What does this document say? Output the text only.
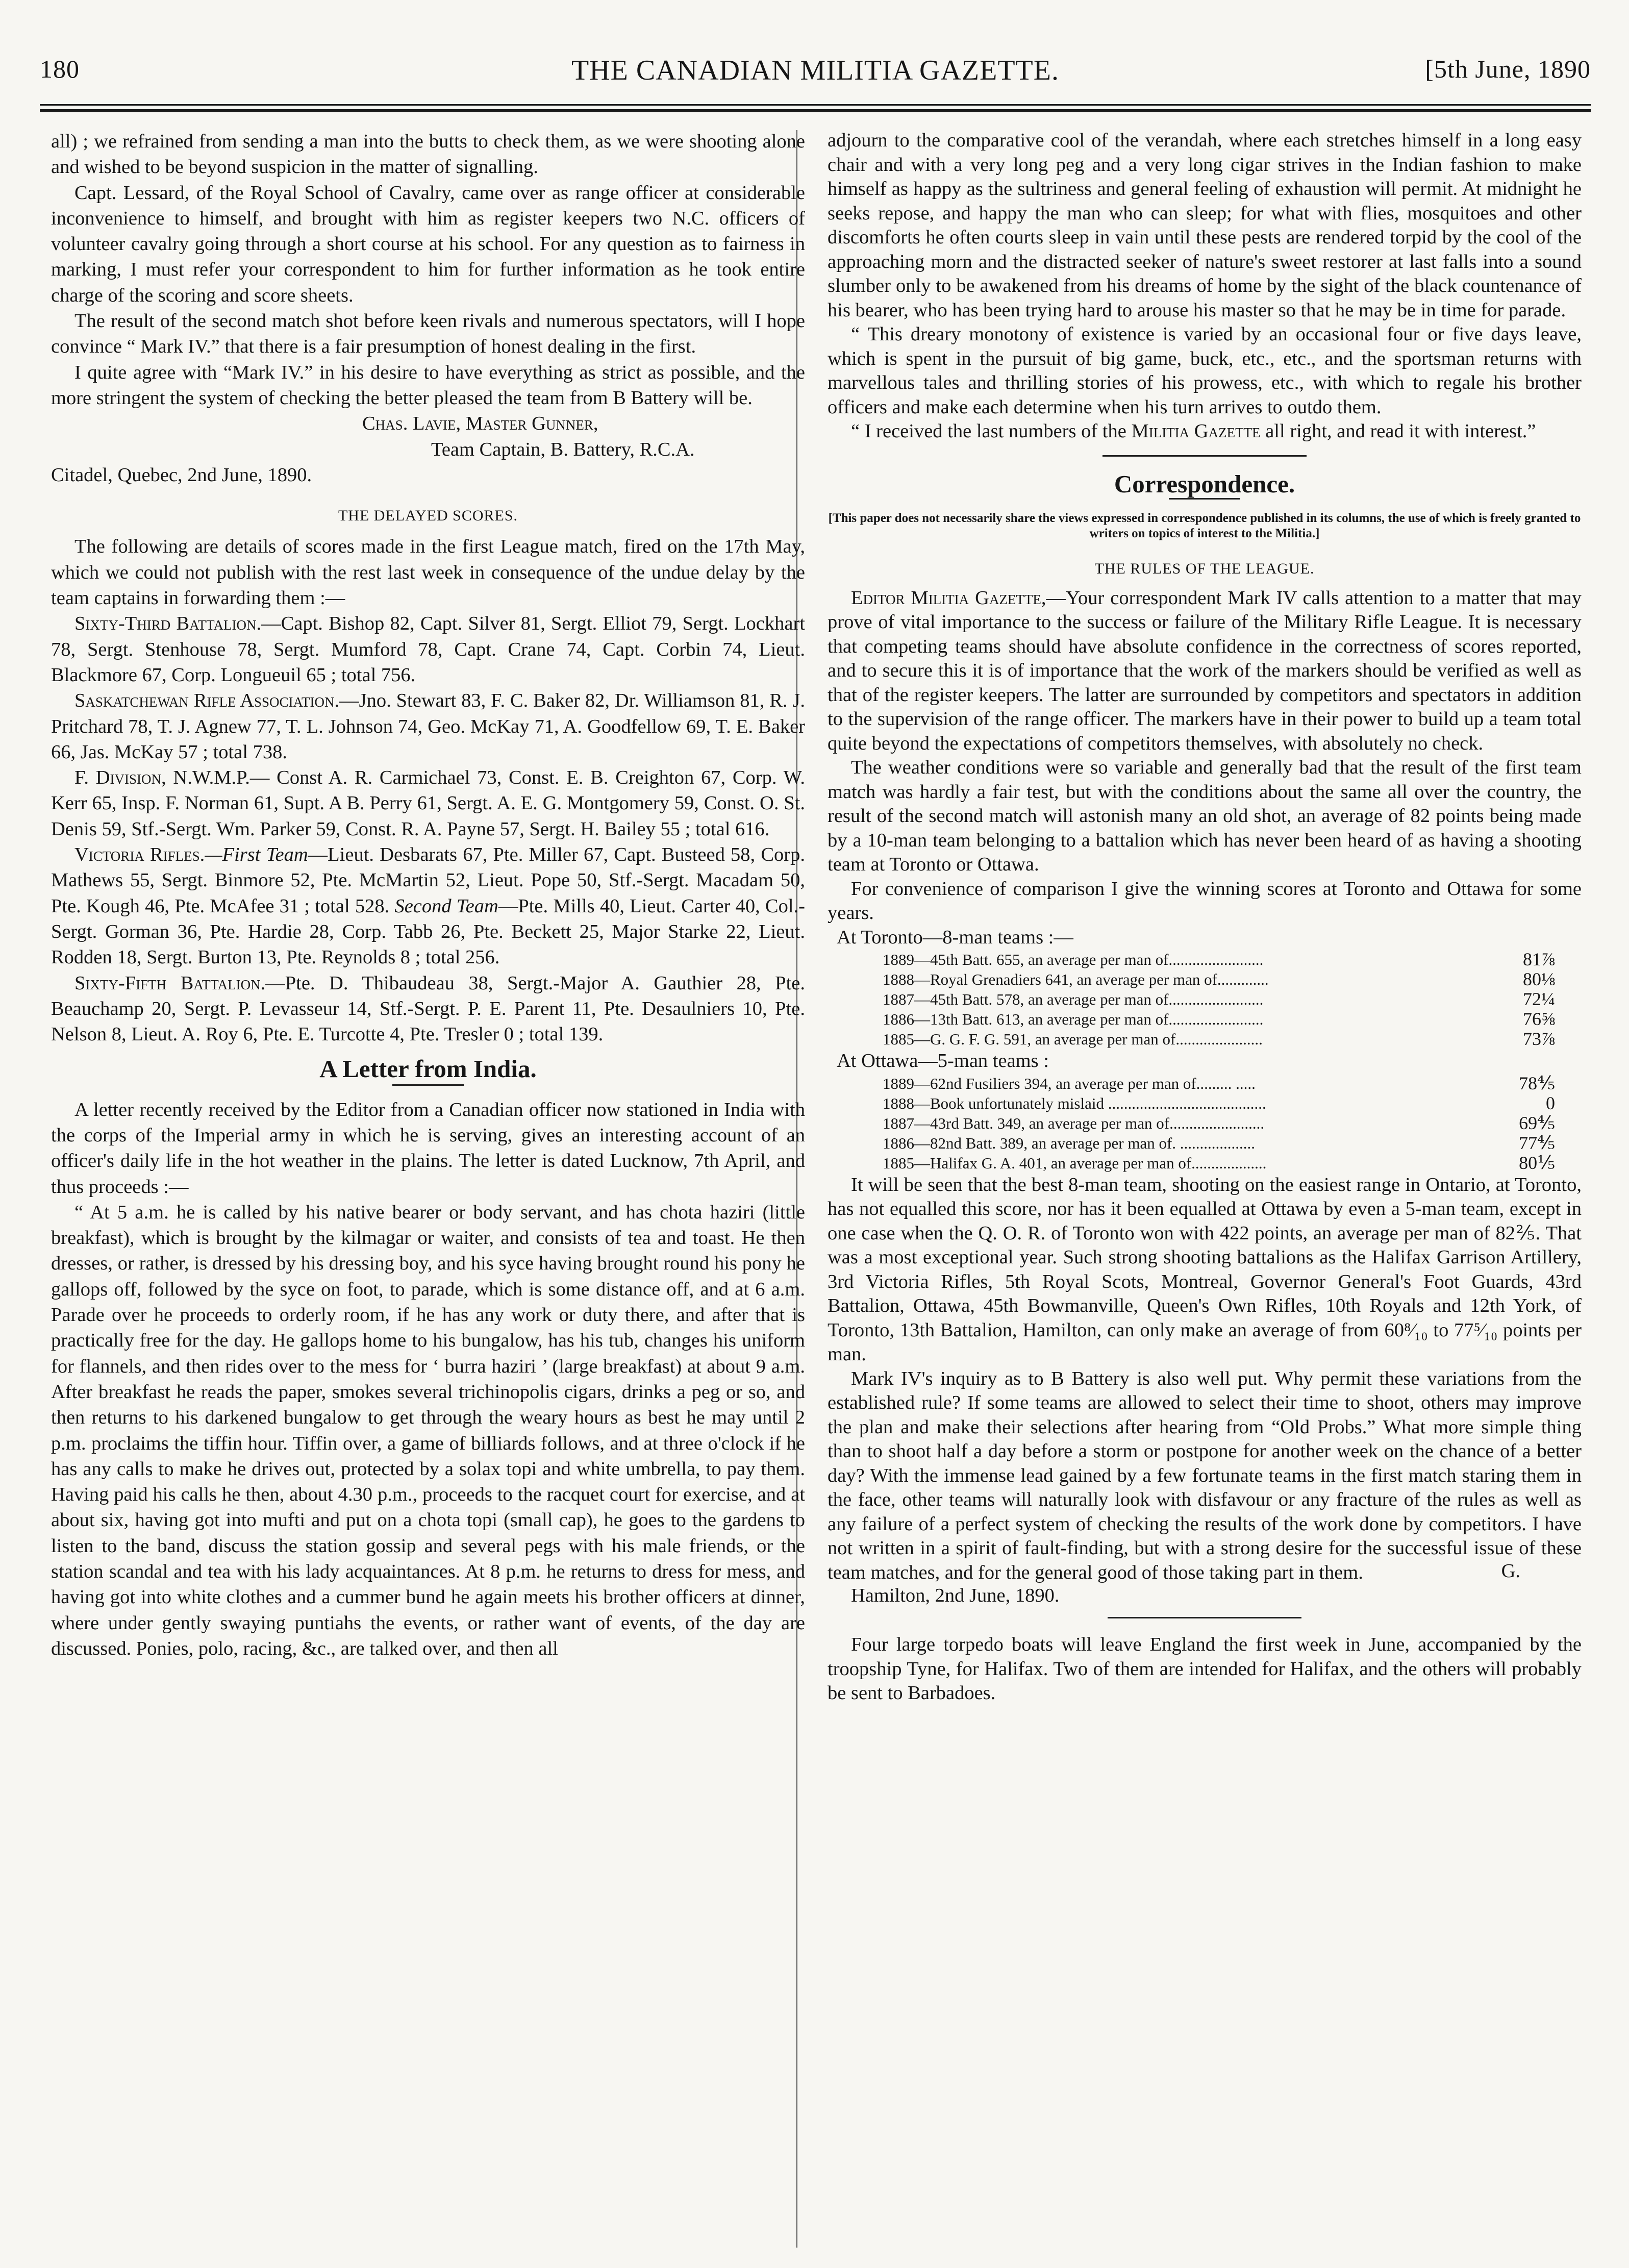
180	THE CANADIAN MILITIA GAZETTE.	[5th June, 1890

all) ; we refrained from sending a man into the butts to check them, as we were shooting alone and wished to be beyond suspicion in the matter of signalling.

Capt. Lessard, of the Royal School of Cavalry, came over as range officer at considerable inconvenience to himself, and brought with him as register keepers two N.C. officers of volunteer cavalry going through a short course at his school. For any question as to fairness in marking, I must refer your correspondent to him for further information as he took entire charge of the scoring and score sheets.

The result of the second match shot before keen rivals and numerous spectators, will I hope convince “ Mark IV.” that there is a fair presumption of honest dealing in the first.

I quite agree with “Mark IV.” in his desire to have everything as strict as possible, and the more stringent the system of checking the better pleased the team from B Battery will be.

Chas. Lavie, Master Gunner,
Team Captain, B. Battery, R.C.A.
Citadel, Quebec, 2nd June, 1890.
THE DELAYED SCORES.

The following are details of scores made in the first League match, fired on the 17th May, which we could not publish with the rest last week in consequence of the undue delay by the team captains in forwarding them :—

Sixty-Third Battalion.—Capt. Bishop 82, Capt. Silver 81, Sergt. Elliot 79, Sergt. Lockhart 78, Sergt. Stenhouse 78, Sergt. Mumford 78, Capt. Crane 74, Capt. Corbin 74, Lieut. Blackmore 67, Corp. Longueuil 65 ; total 756.

Saskatchewan Rifle Association.—Jno. Stewart 83, F. C. Baker 82, Dr. Williamson 81, R. J. Pritchard 78, T. J. Agnew 77, T. L. Johnson 74, Geo. McKay 71, A. Goodfellow 69, T. E. Baker 66, Jas. McKay 57 ; total 738.

F. Division, N.W.M.P.— Const A. R. Carmichael 73, Const. E. B. Creighton 67, Corp. W. Kerr 65, Insp. F. Norman 61, Supt. A B. Perry 61, Sergt. A. E. G. Montgomery 59, Const. O. St. Denis 59, Stf.-Sergt. Wm. Parker 59, Const. R. A. Payne 57, Sergt. H. Bailey 55 ; total 616.

Victoria Rifles.—First Team—Lieut. Desbarats 67, Pte. Miller 67, Capt. Busteed 58, Corp. Mathews 55, Sergt. Binmore 52, Pte. McMartin 52, Lieut. Pope 50, Stf.-Sergt. Macadam 50, Pte. Kough 46, Pte. McAfee 31 ; total 528. Second Team—Pte. Mills 40, Lieut. Carter 40, Col.-Sergt. Gorman 36, Pte. Hardie 28, Corp. Tabb 26, Pte. Beckett 25, Major Starke 22, Lieut. Rodden 18, Sergt. Burton 13, Pte. Reynolds 8 ; total 256.

Sixty-Fifth Battalion.—Pte. D. Thibaudeau 38, Sergt.-Major A. Gauthier 28, Pte. Beauchamp 20, Sergt. P. Levasseur 14, Stf.-Sergt. P. E. Parent 11, Pte. Desaulniers 10, Pte. Nelson 8, Lieut. A. Roy 6, Pte. E. Turcotte 4, Pte. Tresler 0 ; total 139.

A Letter from India.

A letter recently received by the Editor from a Canadian officer now stationed in India with the corps of the Imperial army in which he is serving, gives an interesting account of an officer's daily life in the hot weather in the plains. The letter is dated Lucknow, 7th April, and thus proceeds :—

“ At 5 a.m. he is called by his native bearer or body servant, and has chota haziri (little breakfast), which is brought by the kilmagar or waiter, and consists of tea and toast. He then dresses, or rather, is dressed by his dressing boy, and his syce having brought round his pony he gallops off, followed by the syce on foot, to parade, which is some distance off, and at 6 a.m. Parade over he proceeds to orderly room, if he has any work or duty there, and after that is practically free for the day. He gallops home to his bungalow, has his tub, changes his uniform for flannels, and then rides over to the mess for ‘ burra haziri ’ (large breakfast) at about 9 a.m. After breakfast he reads the paper, smokes several trichinopolis cigars, drinks a peg or so, and then returns to his darkened bungalow to get through the weary hours as best he may until 2 p.m. proclaims the tiffin hour. Tiffin over, a game of billiards follows, and at three o'clock if he has any calls to make he drives out, protected by a solax topi and white umbrella, to pay them. Having paid his calls he then, about 4.30 p.m., proceeds to the racquet court for exercise, and at about six, having got into mufti and put on a chota topi (small cap), he goes to the gardens to listen to the band, discuss the station gossip and several pegs with his male friends, or the station scandal and tea with his lady acquaintances. At 8 p.m. he returns to dress for mess, and having got into white clothes and a cummer bund he again meets his brother officers at dinner, where under gently swaying puntiahs the events, or rather want of events, of the day are discussed. Ponies, polo, racing, &c., are talked over, and then all

adjourn to the comparative cool of the verandah, where each stretches himself in a long easy chair and with a very long peg and a very long cigar strives in the Indian fashion to make himself as happy as the sultriness and general feeling of exhaustion will permit. At midnight he seeks repose, and happy the man who can sleep; for what with flies, mosquitoes and other discomforts he often courts sleep in vain until these pests are rendered torpid by the cool of the approaching morn and the distracted seeker of nature's sweet restorer at last falls into a sound slumber only to be awakened from his dreams of home by the sight of the black countenance of his bearer, who has been trying hard to arouse his master so that he may be in time for parade.

“ This dreary monotony of existence is varied by an occasional four or five days leave, which is spent in the pursuit of big game, buck, etc., etc., and the sportsman returns with marvellous tales and thrilling stories of his prowess, etc., with which to regale his brother officers and make each determine when his turn arrives to outdo them.

“ I received the last numbers of the Militia Gazette all right, and read it with interest.”

Correspondence.
[This paper does not necessarily share the views expressed in correspondence published in its columns, the use of which is freely granted to writers on topics of interest to the Militia.]
THE RULES OF THE LEAGUE.

Editor Militia Gazette,—Your correspondent Mark IV calls attention to a matter that may prove of vital importance to the success or failure of the Military Rifle League. It is necessary that competing teams should have absolute confidence in the correctness of scores reported, and to secure this it is of importance that the work of the markers should be verified as well as that of the register keepers. The latter are surrounded by competitors and spectators in addition to the supervision of the range officer. The markers have in their power to build up a team total quite beyond the expectations of competitors themselves, with absolutely no check.

The weather conditions were so variable and generally bad that the result of the first team match was hardly a fair test, but with the conditions about the same all over the country, the result of the second match will astonish many an old shot, an average of 82 points being made by a 10-man team belonging to a battalion which has never been heard of as having a shooting team at Toronto or Ottawa.

For convenience of comparison I give the winning scores at Toronto and Ottawa for some years.

At Toronto—8-man teams :—
1889—45th Batt. 655, an average per man of........................	81⅞
1888—Royal Grenadiers 641, an average per man of.............	80⅛
1887—45th Batt. 578, an average per man of........................	72¼
1886—13th Batt. 613, an average per man of........................	76⅝
1885—G. G. F. G. 591, an average per man of......................	73⅞
At Ottawa—5-man teams :
1889—62nd Fusiliers 394, an average per man of......... .....	78⅘
1888—Book unfortunately mislaid ........................................	0
1887—43rd Batt. 349, an average per man of........................	69⅘
1886—82nd Batt. 389, an average per man of. ...................	77⅘
1885—Halifax G. A. 401, an average per man of...................	80⅕

It will be seen that the best 8-man team, shooting on the easiest range in Ontario, at Toronto, has not equalled this score, nor has it been equalled at Ottawa by even a 5-man team, except in one case when the Q. O. R. of Toronto won with 422 points, an average per man of 82⅖. That was a most exceptional year. Such strong shooting battalions as the Halifax Garrison Artillery, 3rd Victoria Rifles, 5th Royal Scots, Montreal, Governor General's Foot Guards, 43rd Battalion, Ottawa, 45th Bowmanville, Queen's Own Rifles, 10th Royals and 12th York, of Toronto, 13th Battalion, Hamilton, can only make an average of from 60⁸⁄₁₀ to 77⁵⁄₁₀ points per man.

Mark IV's inquiry as to B Battery is also well put. Why permit these variations from the established rule? If some teams are allowed to select their time to shoot, others may improve the plan and make their selections after hearing from “Old Probs.” What more simple thing than to shoot half a day before a storm or postpone for another week on the chance of a better day? With the immense lead gained by a few fortunate teams in the first match staring them in the face, other teams will naturally look with disfavour or any fracture of the rules as well as any failure of a perfect system of checking the results of the work done by competitors. I have not written in a spirit of fault-finding, but with a strong desire for the successful issue of these team matches, and for the general good of those taking part in them.	G.
Hamilton, 2nd June, 1890.

Four large torpedo boats will leave England the first week in June, accompanied by the troopship Tyne, for Halifax. Two of them are intended for Halifax, and the others will probably be sent to Barbadoes.
